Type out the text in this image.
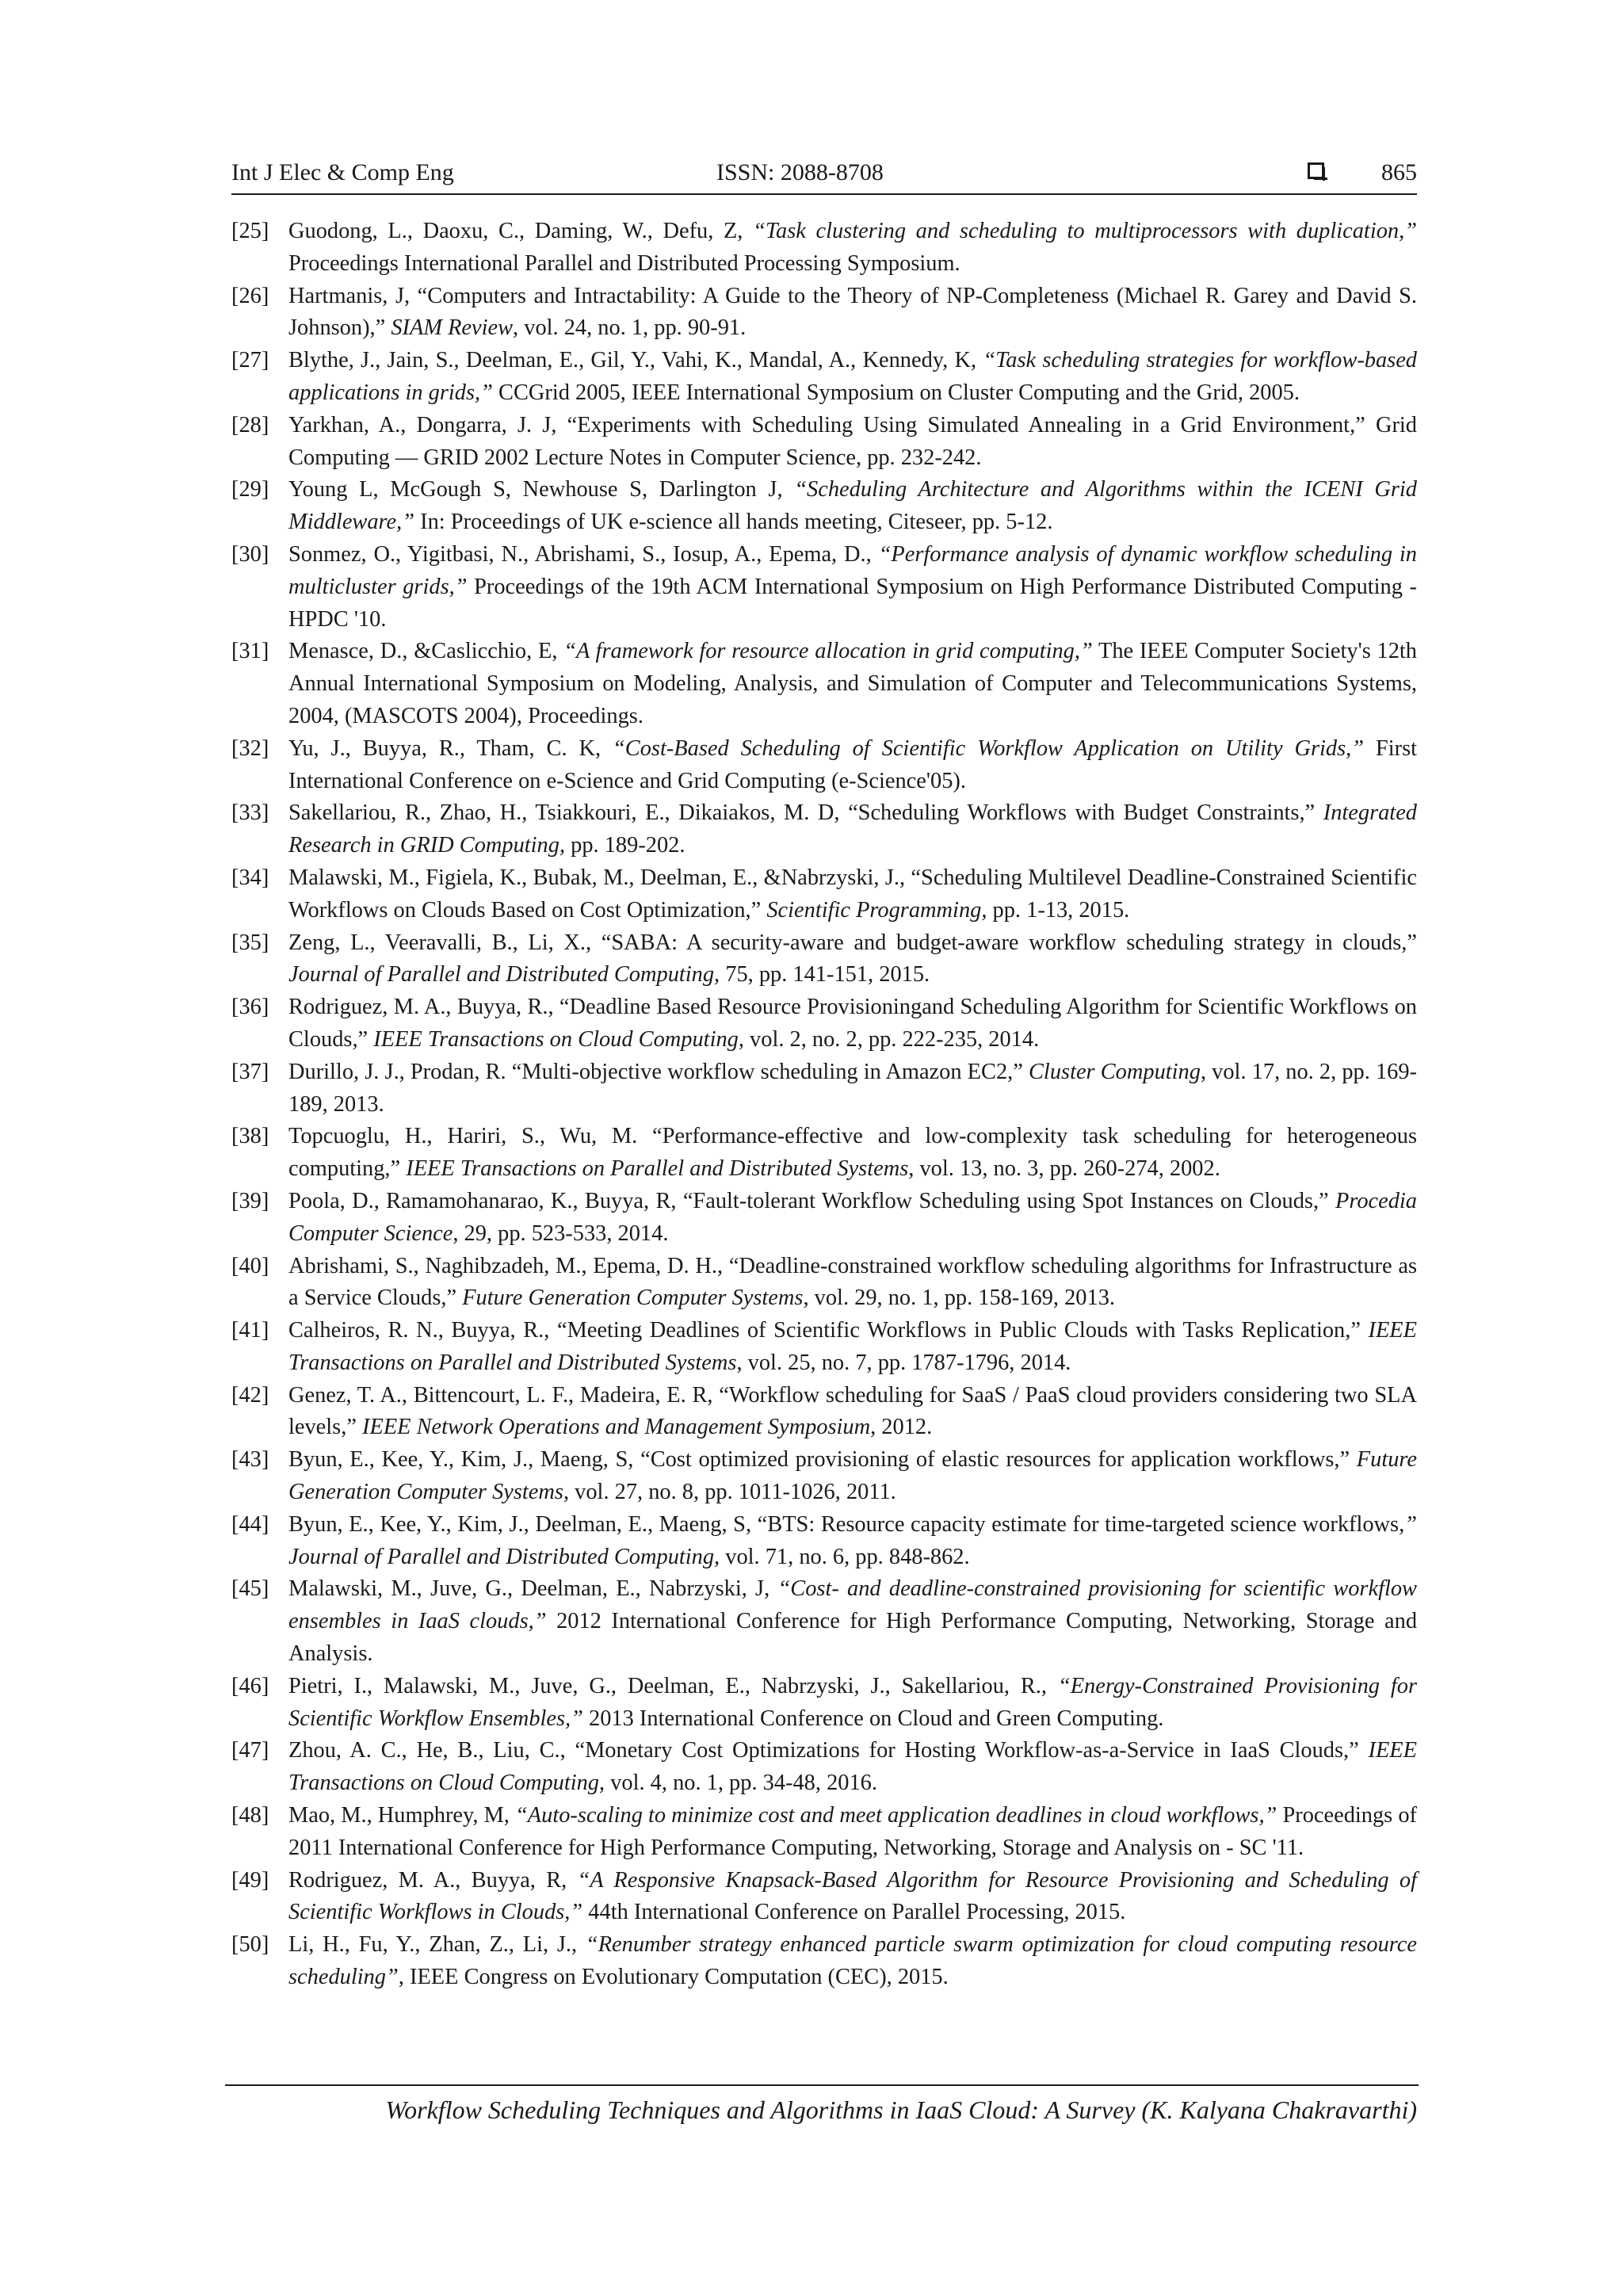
Int J Elec & Comp Eng	ISSN: 2088-8708	865
[25] Guodong, L., Daoxu, C., Daming, W., Defu, Z, “Task clustering and scheduling to multiprocessors with duplication,” Proceedings International Parallel and Distributed Processing Symposium.
[26] Hartmanis, J, “Computers and Intractability: A Guide to the Theory of NP-Completeness (Michael R. Garey and David S. Johnson),” SIAM Review, vol. 24, no. 1, pp. 90-91.
[27] Blythe, J., Jain, S., Deelman, E., Gil, Y., Vahi, K., Mandal, A., Kennedy, K, “Task scheduling strategies for workflow-based applications in grids,” CCGrid 2005, IEEE International Symposium on Cluster Computing and the Grid, 2005.
[28] Yarkhan, A., Dongarra, J. J, “Experiments with Scheduling Using Simulated Annealing in a Grid Environment,” Grid Computing — GRID 2002 Lecture Notes in Computer Science, pp. 232-242.
[29] Young L, McGough S, Newhouse S, Darlington J, “Scheduling Architecture and Algorithms within the ICENI Grid Middleware,” In: Proceedings of UK e-science all hands meeting, Citeseer, pp. 5-12.
[30] Sonmez, O., Yigitbasi, N., Abrishami, S., Iosup, A., Epema, D., “Performance analysis of dynamic workflow scheduling in multicluster grids,” Proceedings of the 19th ACM International Symposium on High Performance Distributed Computing - HPDC '10.
[31] Menasce, D., &Caslicchio, E, “A framework for resource allocation in grid computing,” The IEEE Computer Society's 12th Annual International Symposium on Modeling, Analysis, and Simulation of Computer and Telecommunications Systems, 2004, (MASCOTS 2004), Proceedings.
[32] Yu, J., Buyya, R., Tham, C. K, “Cost-Based Scheduling of Scientific Workflow Application on Utility Grids,” First International Conference on e-Science and Grid Computing (e-Science'05).
[33] Sakellariou, R., Zhao, H., Tsiakkouri, E., Dikaiakos, M. D, “Scheduling Workflows with Budget Constraints,” Integrated Research in GRID Computing, pp. 189-202.
[34] Malawski, M., Figiela, K., Bubak, M., Deelman, E., &Nabrzyski, J., “Scheduling Multilevel Deadline-Constrained Scientific Workflows on Clouds Based on Cost Optimization,” Scientific Programming, pp. 1-13, 2015.
[35] Zeng, L., Veeravalli, B., Li, X., “SABA: A security-aware and budget-aware workflow scheduling strategy in clouds,” Journal of Parallel and Distributed Computing, 75, pp. 141-151, 2015.
[36] Rodriguez, M. A., Buyya, R., “Deadline Based Resource Provisioningand Scheduling Algorithm for Scientific Workflows on Clouds,” IEEE Transactions on Cloud Computing, vol. 2, no. 2, pp. 222-235, 2014.
[37] Durillo, J. J., Prodan, R. “Multi-objective workflow scheduling in Amazon EC2,” Cluster Computing, vol. 17, no. 2, pp. 169-189, 2013.
[38] Topcuoglu, H., Hariri, S., Wu, M. “Performance-effective and low-complexity task scheduling for heterogeneous computing,” IEEE Transactions on Parallel and Distributed Systems, vol. 13, no. 3, pp. 260-274, 2002.
[39] Poola, D., Ramamohanarao, K., Buyya, R, “Fault-tolerant Workflow Scheduling using Spot Instances on Clouds,” Procedia Computer Science, 29, pp. 523-533, 2014.
[40] Abrishami, S., Naghibzadeh, M., Epema, D. H., “Deadline-constrained workflow scheduling algorithms for Infrastructure as a Service Clouds,” Future Generation Computer Systems, vol. 29, no. 1, pp. 158-169, 2013.
[41] Calheiros, R. N., Buyya, R., “Meeting Deadlines of Scientific Workflows in Public Clouds with Tasks Replication,” IEEE Transactions on Parallel and Distributed Systems, vol. 25, no. 7, pp. 1787-1796, 2014.
[42] Genez, T. A., Bittencourt, L. F., Madeira, E. R, “Workflow scheduling for SaaS / PaaS cloud providers considering two SLA levels,” IEEE Network Operations and Management Symposium, 2012.
[43] Byun, E., Kee, Y., Kim, J., Maeng, S, “Cost optimized provisioning of elastic resources for application workflows,” Future Generation Computer Systems, vol. 27, no. 8, pp. 1011-1026, 2011.
[44] Byun, E., Kee, Y., Kim, J., Deelman, E., Maeng, S, “BTS: Resource capacity estimate for time-targeted science workflows,” Journal of Parallel and Distributed Computing, vol. 71, no. 6, pp. 848-862.
[45] Malawski, M., Juve, G., Deelman, E., Nabrzyski, J, “Cost- and deadline-constrained provisioning for scientific workflow ensembles in IaaS clouds,” 2012 International Conference for High Performance Computing, Networking, Storage and Analysis.
[46] Pietri, I., Malawski, M., Juve, G., Deelman, E., Nabrzyski, J., Sakellariou, R., “Energy-Constrained Provisioning for Scientific Workflow Ensembles,” 2013 International Conference on Cloud and Green Computing.
[47] Zhou, A. C., He, B., Liu, C., “Monetary Cost Optimizations for Hosting Workflow-as-a-Service in IaaS Clouds,” IEEE Transactions on Cloud Computing, vol. 4, no. 1, pp. 34-48, 2016.
[48] Mao, M., Humphrey, M, “Auto-scaling to minimize cost and meet application deadlines in cloud workflows,” Proceedings of 2011 International Conference for High Performance Computing, Networking, Storage and Analysis on - SC '11.
[49] Rodriguez, M. A., Buyya, R, “A Responsive Knapsack-Based Algorithm for Resource Provisioning and Scheduling of Scientific Workflows in Clouds,” 44th International Conference on Parallel Processing, 2015.
[50] Li, H., Fu, Y., Zhan, Z., Li, J., “Renumber strategy enhanced particle swarm optimization for cloud computing resource scheduling”, IEEE Congress on Evolutionary Computation (CEC), 2015.
Workflow Scheduling Techniques and Algorithms in IaaS Cloud: A Survey (K. Kalyana Chakravarthi)
